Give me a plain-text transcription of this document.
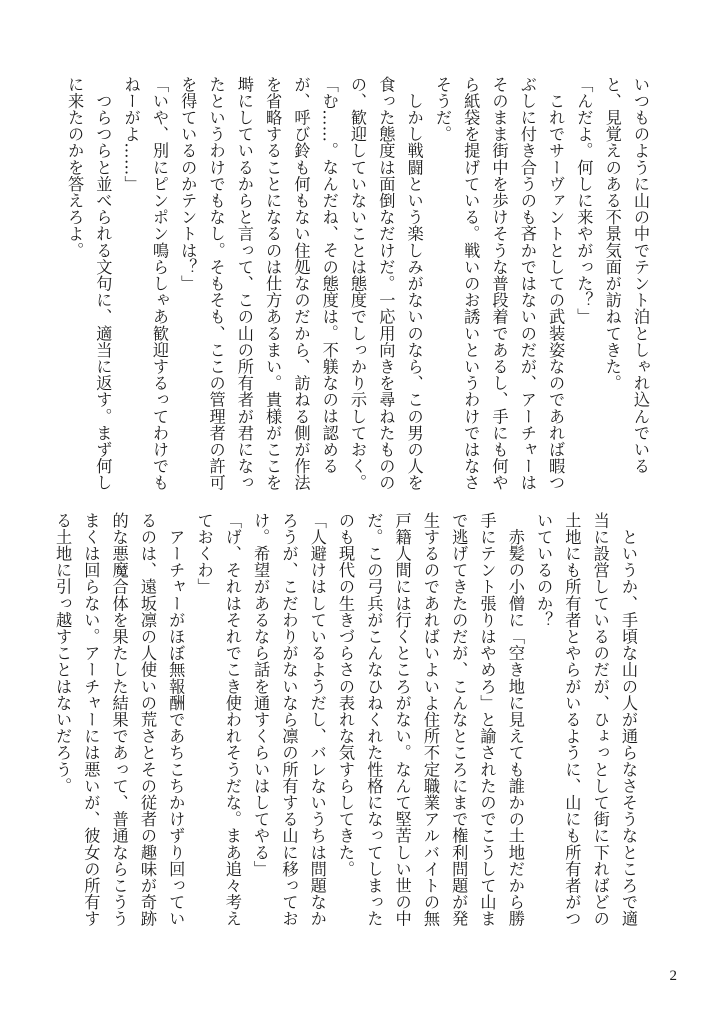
いつものように山の中でテント泊としゃれ込んでいる
と、見覚えのある不景気面が訪ねてきた。
「んだよ。何しに来やがった？」
　これでサーヴァントとしての武装姿なのであれば暇つ
ぶしに付き合うのも吝かではないのだが、アーチャーは
そのまま街中を歩けそうな普段着であるし、手にも何や
ら紙袋を提げている。戦いのお誘いというわけではなさ
そうだ。
　しかし戦闘という楽しみがないのなら、この男の人を
食った態度は面倒なだけだ。一応用向きを尋ねたものの
の、歓迎していないことは態度でしっかり示しておく。
「む……。なんだね、その態度は。不躾なのは認める
が、呼び鈴も何もない住処なのだから、訪ねる側が作法
を省略することになるのは仕方あるまい。貴様がここを
塒にしているからと言って、この山の所有者が君になっ
たというわけでもなし。そもそも、ここの管理者の許可
を得ているのかテントは？」
「いや、別にピンポン鳴らしゃあ歓迎するってわけでも
ねーがよ……」
　つらつらと並べられる文句に、適当に返す。まず何し
に来たのかを答えろよ。
　というか、手頃な山の人が通らなさそうなところで適
当に設営しているのだが、ひょっとして街に下ればどの
土地にも所有者とやらがいるように、山にも所有者がつ
いているのか？
　赤髪の小僧に「空き地に見えても誰かの土地だから勝
手にテント張りはやめろ」と諭されたのでこうして山ま
で逃げてきたのだが、こんなところにまで権利問題が発
生するのであればいよいよ住所不定職業アルバイトの無
戸籍人間には行くところがない。なんて堅苦しい世の中
だ。この弓兵がこんなひねくれた性格になってしまった
のも現代の生きづらさの表れな気すらしてきた。
「人避けはしているようだし、バレないうちは問題なか
ろうが、こだわりがないなら凛の所有する山に移ってお
け。希望があるなら話を通すくらいはしてやる」
「げ、それはそれでこき使われそうだな。まあ追々考え
ておくわ」
　アーチャーがほぼ無報酬であちこちかけずり回ってい
るのは、遠坂凛の人使いの荒さとその従者の趣味が奇跡
的な悪魔合体を果たした結果であって、普通ならこうう
まくは回らない。アーチャーには悪いが、彼女の所有す
る土地に引っ越すことはないだろう。
2
